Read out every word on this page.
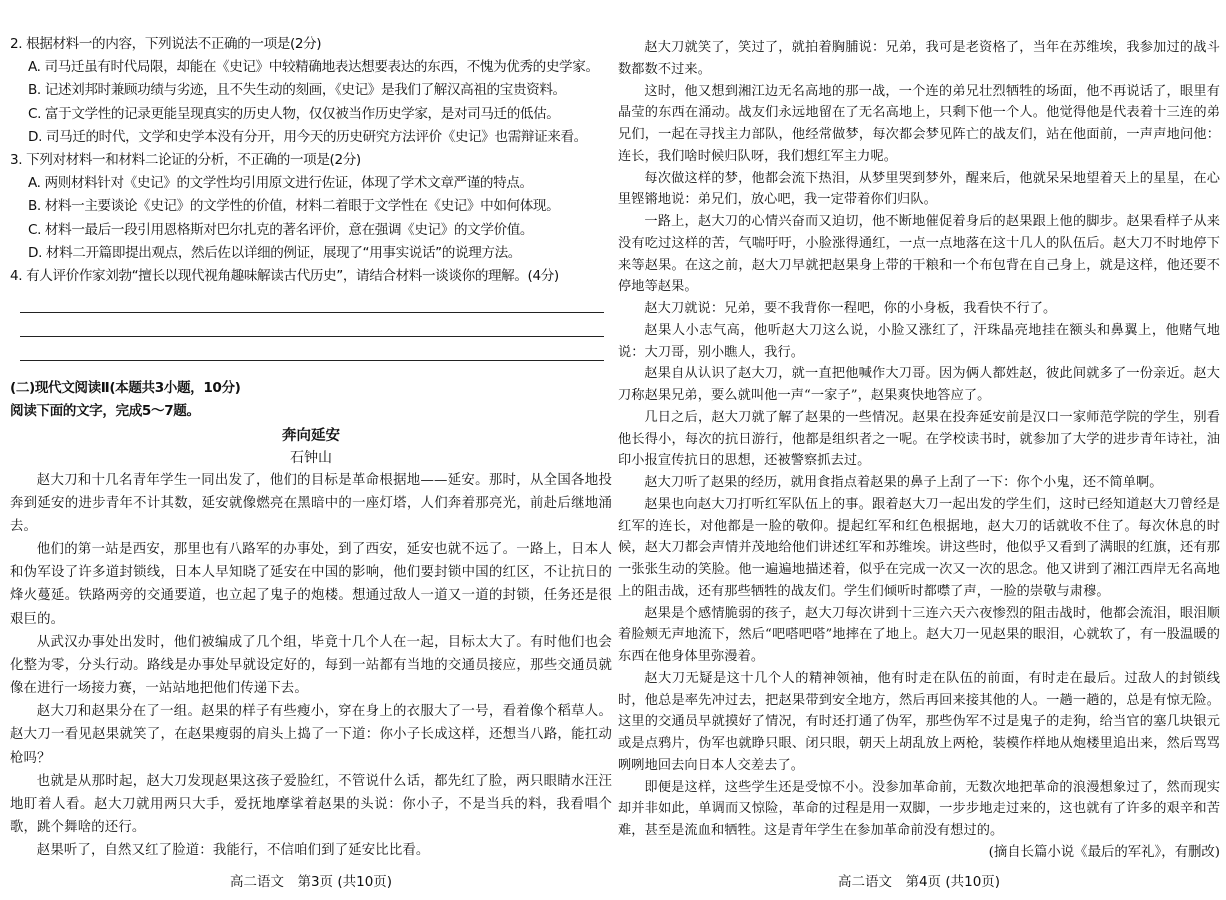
2. 根据材料一的内容，下列说法不正确的一项是(2分)
A. 司马迁虽有时代局限，却能在《史记》中较精确地表达想要表达的东西，不愧为优秀的史学家。
B. 记述刘邦时兼顾功绩与劣迹，且不失生动的刻画，《史记》是我们了解汉高祖的宝贵资料。
C. 富于文学性的记录更能呈现真实的历史人物，仅仅被当作历史学家，是对司马迁的低估。
D. 司马迁的时代，文学和史学本没有分开，用今天的历史研究方法评价《史记》也需辩证来看。
3. 下列对材料一和材料二论证的分析，不正确的一项是(2分)
A. 两则材料针对《史记》的文学性均引用原文进行佐证，体现了学术文章严谨的特点。
B. 材料一主要谈论《史记》的文学性的价值，材料二着眼于文学性在《史记》中如何体现。
C. 材料一最后一段引用恩格斯对巴尔扎克的著名评价，意在强调《史记》的文学价值。
D. 材料二开篇即提出观点，然后佐以详细的例证，展现了“用事实说话”的说理方法。
4. 有人评价作家刘勃“擅长以现代视角趣味解读古代历史”，请结合材料一谈谈你的理解。(4分)
(二)现代文阅读Ⅱ(本题共3小题，10分)
阅读下面的文字，完成5～7题。
奔向延安
石钟山

赵大刀和十几名青年学生一同出发了，他们的目标是革命根据地——延安。那时，从全国各地投奔到延安的进步青年不计其数，延安就像燃亮在黑暗中的一座灯塔，人们奔着那亮光，前赴后继地涌去。

他们的第一站是西安，那里也有八路军的办事处，到了西安，延安也就不远了。一路上，日本人和伪军设了许多道封锁线，日本人早知晓了延安在中国的影响，他们要封锁中国的红区，不让抗日的烽火蔓延。铁路两旁的交通要道，也立起了鬼子的炮楼。想通过敌人一道又一道的封锁，任务还是很艰巨的。

从武汉办事处出发时，他们被编成了几个组，毕竟十几个人在一起，目标太大了。有时他们也会化整为零，分头行动。路线是办事处早就设定好的，每到一站都有当地的交通员接应，那些交通员就像在进行一场接力赛，一站站地把他们传递下去。

赵大刀和赵果分在了一组。赵果的样子有些瘦小，穿在身上的衣服大了一号，看着像个稻草人。赵大刀一看见赵果就笑了，在赵果瘦弱的肩头上捣了一下道：你小子长成这样，还想当八路，能扛动枪吗？

也就是从那时起，赵大刀发现赵果这孩子爱脸红，不管说什么话，都先红了脸，两只眼睛水汪汪地盯着人看。赵大刀就用两只大手，爱抚地摩挲着赵果的头说：你小子，不是当兵的料，我看唱个歌，跳个舞啥的还行。

赵果听了，自然又红了脸道：我能行，不信咱们到了延安比比看。

高二语文　第3页 (共10页)

赵大刀就笑了，笑过了，就拍着胸脯说：兄弟，我可是老资格了，当年在苏维埃，我参加过的战斗数都数不过来。

这时，他又想到湘江边无名高地的那一战，一个连的弟兄壮烈牺牲的场面，他不再说话了，眼里有晶莹的东西在涌动。战友们永远地留在了无名高地上，只剩下他一个人。他觉得他是代表着十三连的弟兄们，一起在寻找主力部队，他经常做梦，每次都会梦见阵亡的战友们，站在他面前，一声声地问他：连长，我们啥时候归队呀，我们想红军主力呢。

每次做这样的梦，他都会流下热泪，从梦里哭到梦外，醒来后，他就呆呆地望着天上的星星，在心里铿锵地说：弟兄们，放心吧，我一定带着你们归队。

一路上，赵大刀的心情兴奋而又迫切，他不断地催促着身后的赵果跟上他的脚步。赵果看样子从来没有吃过这样的苦，气喘吁吁，小脸涨得通红，一点一点地落在这十几人的队伍后。赵大刀不时地停下来等赵果。在这之前，赵大刀早就把赵果身上带的干粮和一个布包背在自己身上，就是这样，他还要不停地等赵果。

赵大刀就说：兄弟，要不我背你一程吧，你的小身板，我看快不行了。

赵果人小志气高，他听赵大刀这么说，小脸又涨红了，汗珠晶亮地挂在额头和鼻翼上，他赌气地说：大刀哥，别小瞧人，我行。

赵果自从认识了赵大刀，就一直把他喊作大刀哥。因为俩人都姓赵，彼此间就多了一份亲近。赵大刀称赵果兄弟，要么就叫他一声“一家子”，赵果爽快地答应了。

几日之后，赵大刀就了解了赵果的一些情况。赵果在投奔延安前是汉口一家师范学院的学生，别看他长得小，每次的抗日游行，他都是组织者之一呢。在学校读书时，就参加了大学的进步青年诗社，油印小报宣传抗日的思想，还被警察抓去过。

赵大刀听了赵果的经历，就用食指点着赵果的鼻子上刮了一下：你个小鬼，还不简单啊。

赵果也向赵大刀打听红军队伍上的事。跟着赵大刀一起出发的学生们，这时已经知道赵大刀曾经是红军的连长，对他都是一脸的敬仰。提起红军和红色根据地，赵大刀的话就收不住了。每次休息的时候，赵大刀都会声情并茂地给他们讲述红军和苏维埃。讲这些时，他似乎又看到了满眼的红旗，还有那一张张生动的笑脸。他一遍遍地描述着，似乎在完成一次又一次的思念。他又讲到了湘江西岸无名高地上的阻击战，还有那些牺牲的战友们。学生们倾听时都噤了声，一脸的崇敬与肃穆。

赵果是个感情脆弱的孩子，赵大刀每次讲到十三连六天六夜惨烈的阻击战时，他都会流泪，眼泪顺着脸颊无声地流下，然后“吧嗒吧嗒”地摔在了地上。赵大刀一见赵果的眼泪，心就软了，有一股温暖的东西在他身体里弥漫着。

赵大刀无疑是这十几个人的精神领袖，他有时走在队伍的前面，有时走在最后。过敌人的封锁线时，他总是率先冲过去，把赵果带到安全地方，然后再回来接其他的人。一趟一趟的，总是有惊无险。这里的交通员早就摸好了情况，有时还打通了伪军，那些伪军不过是鬼子的走狗，给当官的塞几块银元或是点鸦片，伪军也就睁只眼、闭只眼，朝天上胡乱放上两枪，装模作样地从炮楼里追出来，然后骂骂咧咧地回去向日本人交差去了。

即便是这样，这些学生还是受惊不小。没参加革命前，无数次地把革命的浪漫想象过了，然而现实却并非如此，单调而又惊险，革命的过程是用一双脚，一步步地走过来的，这也就有了许多的艰辛和苦难，甚至是流血和牺牲。这是青年学生在参加革命前没有想过的。

(摘自长篇小说《最后的军礼》，有删改)
高二语文　第4页 (共10页)
